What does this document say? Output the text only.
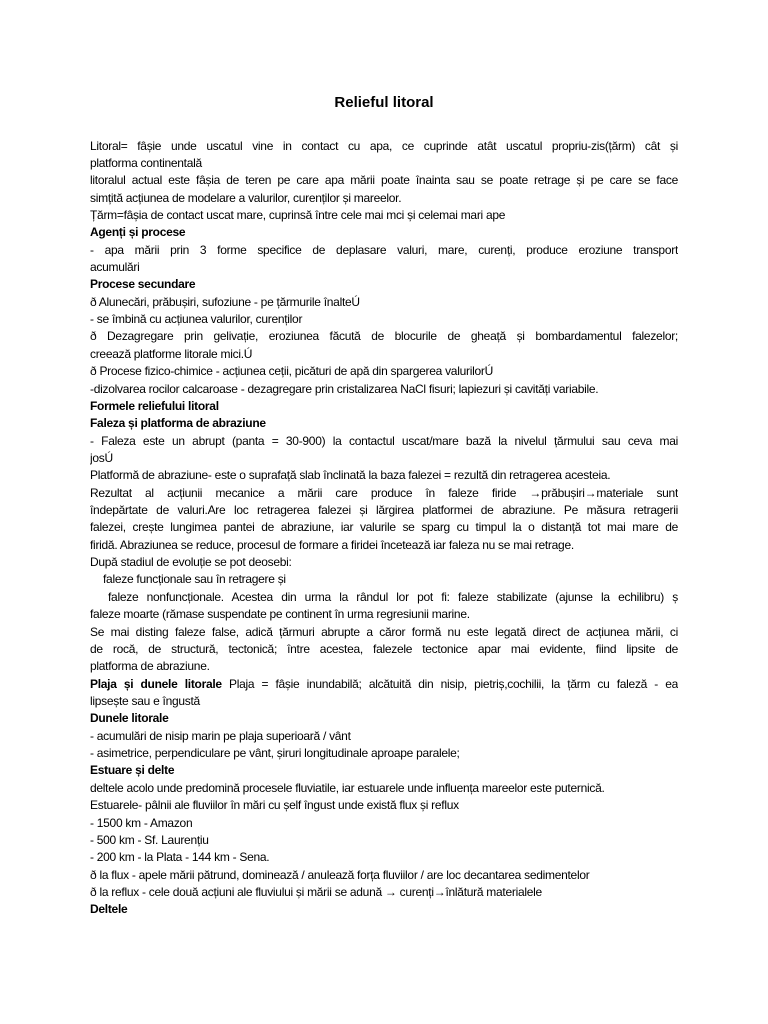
Relieful litoral
Litoral= fâșie unde uscatul vine in contact cu apa, ce cuprinde atât uscatul propriu-zis(țărm) cât și
platforma continentală
litoralul actual este fâșia de teren pe care apa mării poate înainta sau se poate retrage și pe care se face
simțită acțiunea de modelare a valurilor, curenților și mareelor.
Țărm=fâșia de contact uscat mare, cuprinsă între cele mai mci și celemai mari ape
Agenți și procese
- apa mării prin 3 forme specifice de deplasare valuri, mare, curenți, produce eroziune transport
acumulări
Procese secundare
ð Alunecări, prăbușiri, sufoziune - pe țărmurile înalteÚ
- se îmbină cu acțiunea valurilor, curenților
ð Dezagregare prin gelivație, eroziunea făcută de blocurile de gheață și bombardamentul falezelor;
creează platforme litorale mici.Ú
ð Procese fizico-chimice - acțiunea ceții, picături de apă din spargerea valurilorÚ
-dizolvarea rocilor calcaroase - dezagregare prin cristalizarea NaCl fisuri; lapiezuri și cavități variabile.
Formele reliefului litoral
Faleza și platforma de abraziune
- Faleza este un abrupt (panta = 30-900) la contactul uscat/mare bază la nivelul țărmului sau ceva mai
josÚ
Platformă de abraziune- este o suprafață slab înclinată la baza falezei = rezultă din retragerea acesteia.
Rezultat al acțiunii mecanice a mării care produce în faleze firide →prăbușiri→materiale sunt
îndepărtate de valuri.Are loc retragerea falezei și lărgirea platformei de abraziune. Pe măsura retragerii
falezei, crește lungimea pantei de abraziune, iar valurile se sparg cu timpul la o distanță tot mai mare de
firidă. Abraziunea se reduce, procesul de formare a firidei încetează iar faleza nu se mai retrage.
După stadiul de evoluție se pot deosebi:
faleze funcționale sau în retragere și
faleze nonfuncționale. Acestea din urma la rândul lor pot fi: faleze stabilizate (ajunse la echilibru) ș
faleze moarte (rămase suspendate pe continent în urma regresiunii marine.
Se mai disting faleze false, adică țărmuri abrupte a căror formă nu este legată direct de acțiunea mării, ci
de rocă, de structură, tectonică; între acestea, falezele tectonice apar mai evidente, fiind lipsite de
platforma de abraziune.
Plaja și dunele litorale Plaja = fâșie inundabilă; alcătuită din nisip, pietriș,cochilii, la țărm cu faleză - ea
lipsește sau e îngustă
Dunele litorale
- acumulări de nisip marin pe plaja superioară / vânt
- asimetrice, perpendiculare pe vânt, șiruri longitudinale aproape paralele;
Estuare și delte
deltele acolo unde predomină procesele fluviatile, iar estuarele unde influența mareelor este puternică.
Estuarele- pâlnii ale fluviilor în mări cu șelf îngust unde există flux și reflux
- 1500 km - Amazon
- 500 km - Sf. Laurențiu
- 200 km - la Plata - 144 km - Sena.
ð la flux - apele mării pătrund, dominează / anulează forța fluviilor / are loc decantarea sedimentelor
ð la reflux - cele două acțiuni ale fluviului și mării se adună → curenți→înlătură materialele
Deltele
